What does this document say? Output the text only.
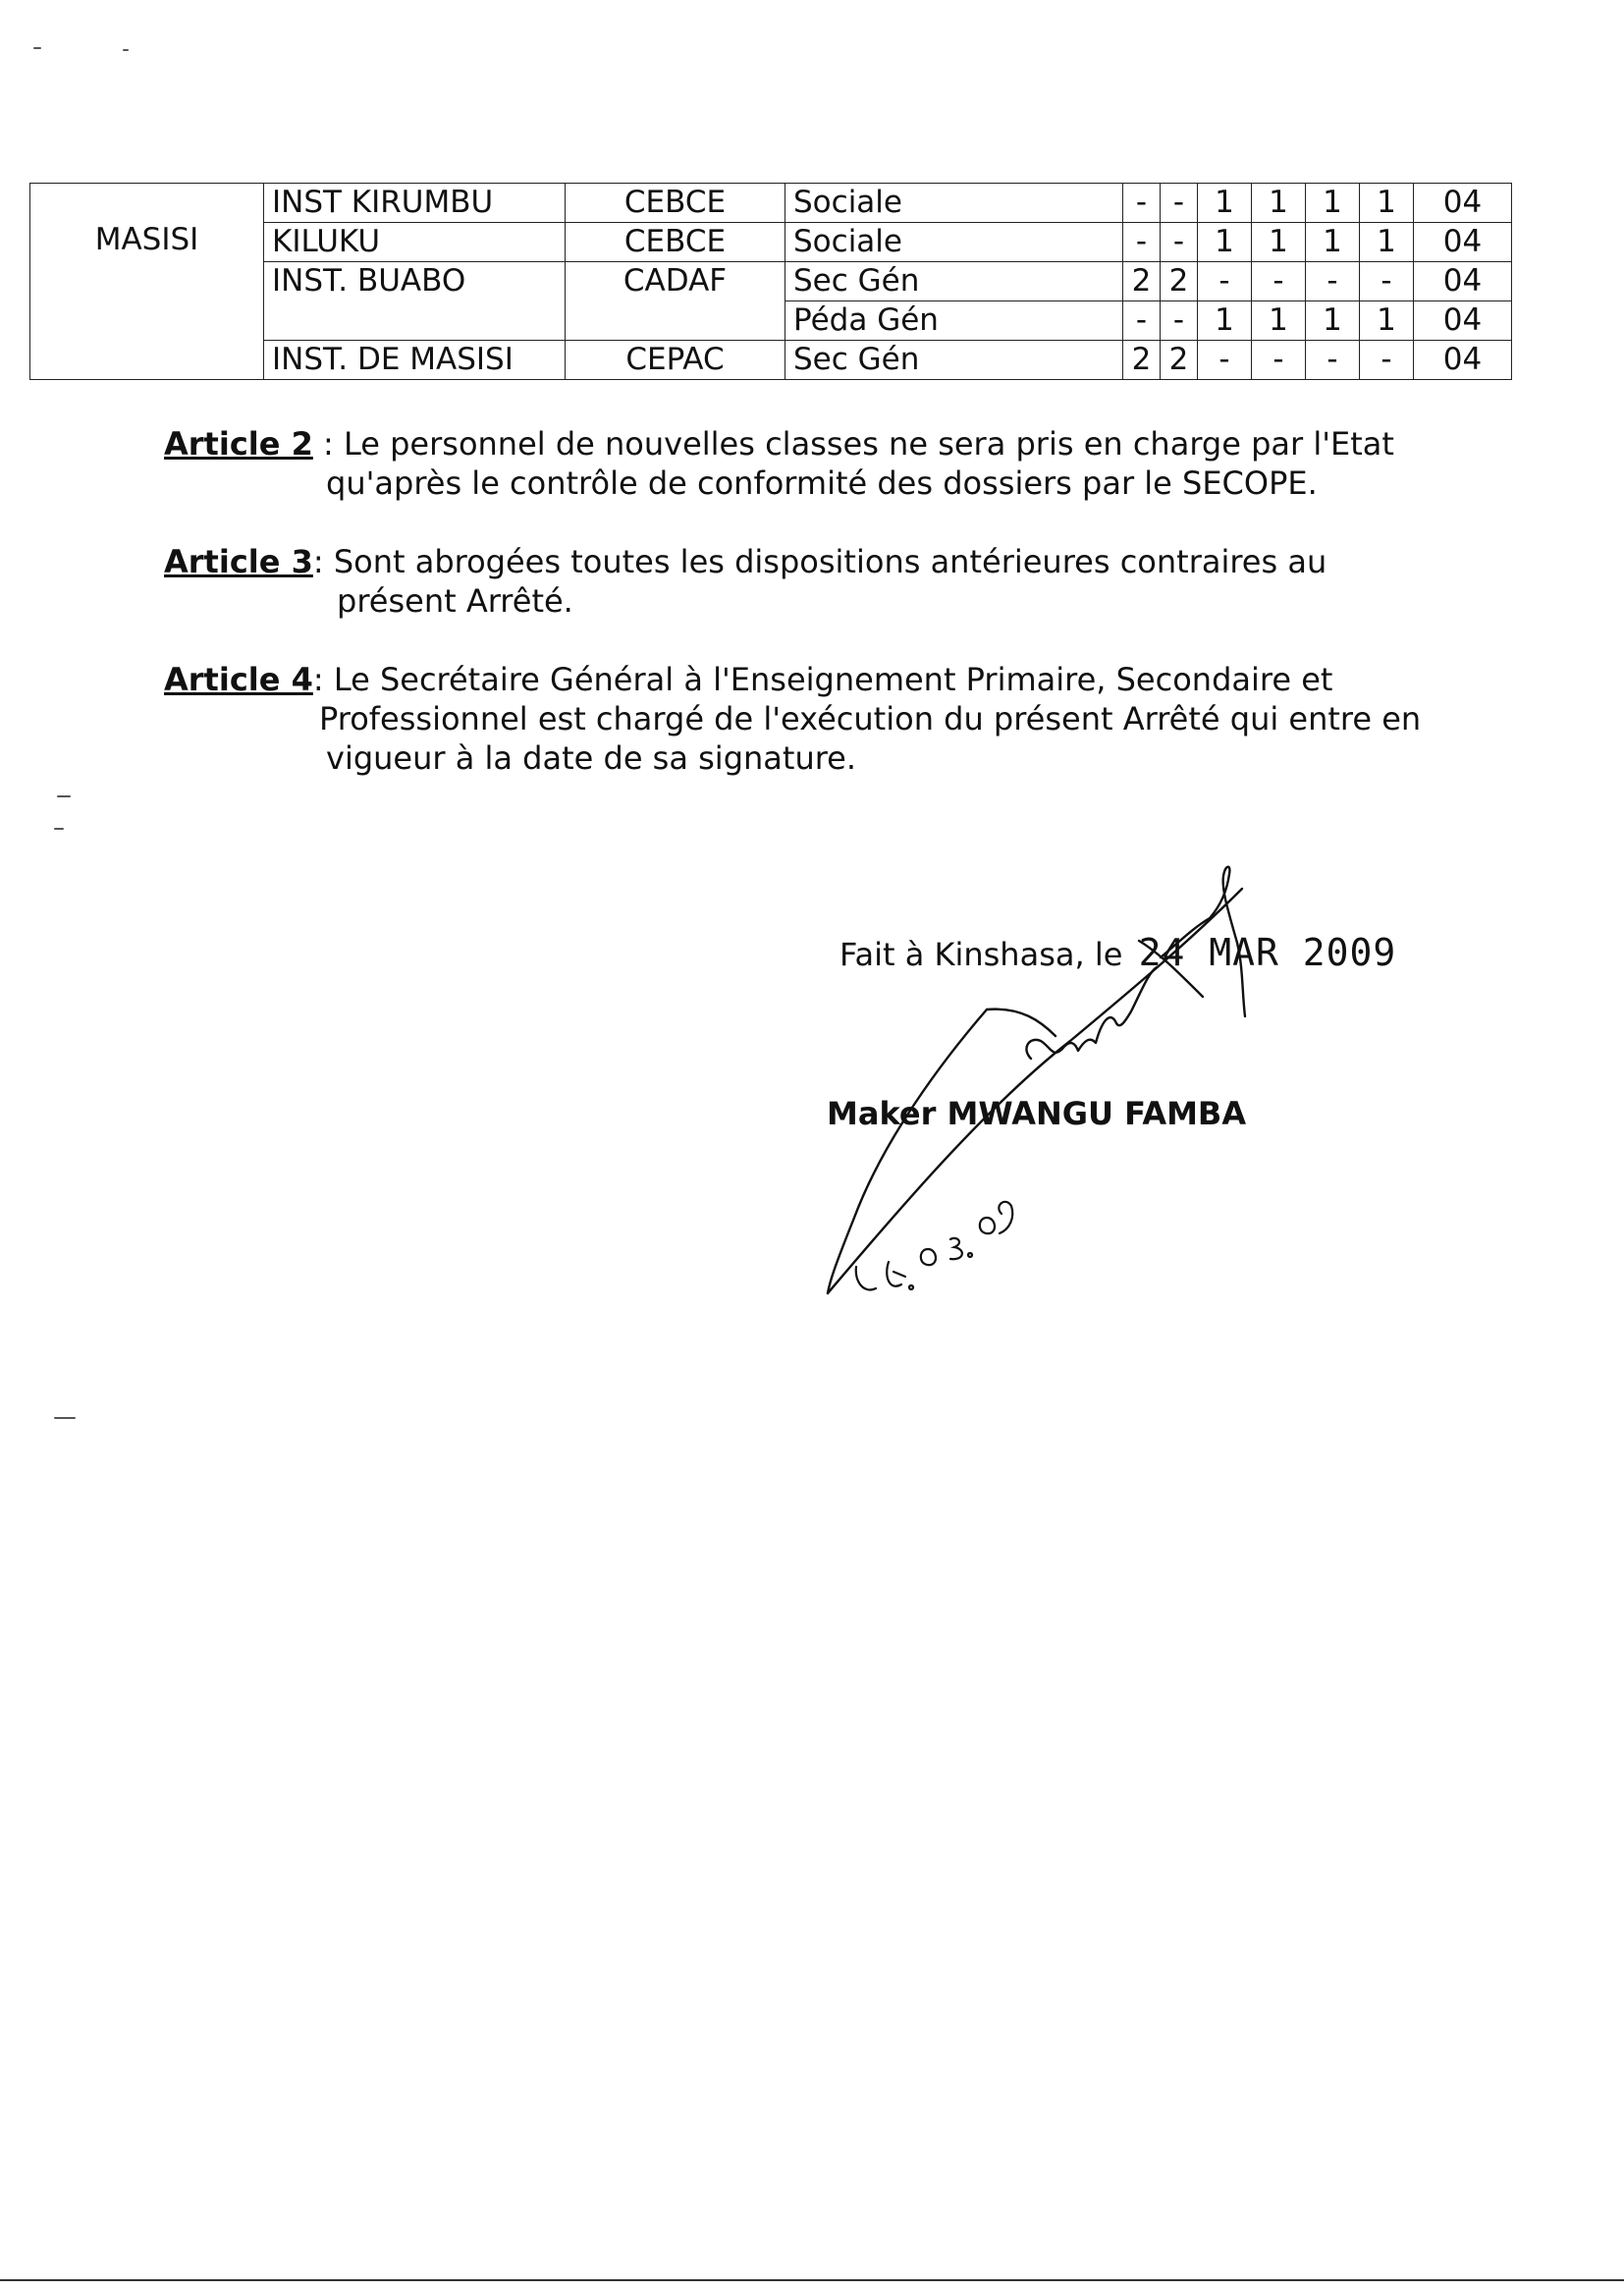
MASISI	INST KIRUMBU	CEBCE	Sociale	-	-	1	1	1	1	04
	KILUKU	CEBCE	Sociale	-	-	1	1	1	1	04
	INST. BUABO	CADAF	Sec Gén	2	2	-	-	-	-	04
			Péda Gén	-	-	1	1	1	1	04
	INST. DE MASISI	CEPAC	Sec Gén	2	2	-	-	-	-	04
Article 2 : Le personnel de nouvelles classes ne sera pris en charge par l'Etat
qu'après le contrôle de conformité des dossiers par le SECOPE.
Article 3: Sont abrogées toutes les dispositions antérieures contraires au
présent Arrêté.
Article 4: Le Secrétaire Général à l'Enseignement Primaire, Secondaire et
Professionnel est chargé de l'exécution du présent Arrêté qui entre en
vigueur à la date de sa signature.
Fait à Kinshasa, le 24 MAR 2009
Maker MWANGU FAMBA
